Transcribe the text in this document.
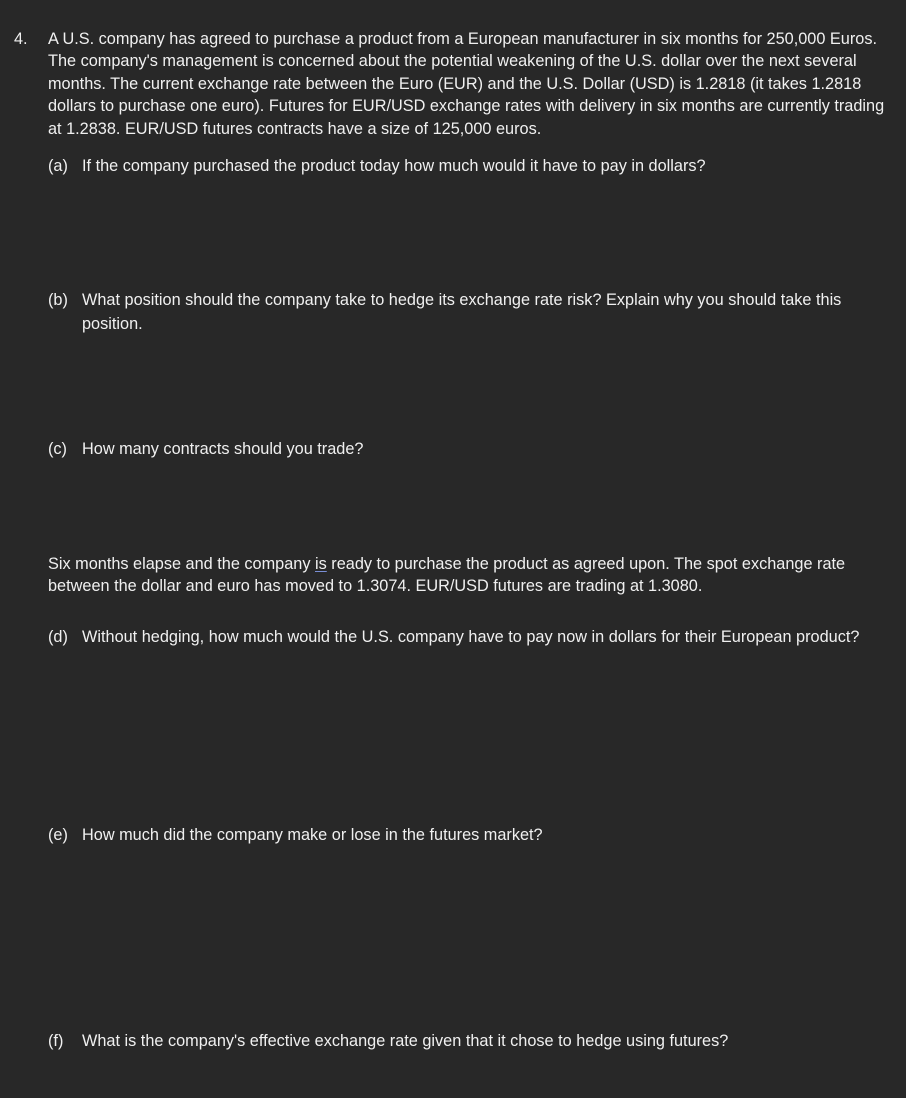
4. A U.S. company has agreed to purchase a product from a European manufacturer in six months for 250,000 Euros. The company's management is concerned about the potential weakening of the U.S. dollar over the next several months. The current exchange rate between the Euro (EUR) and the U.S. Dollar (USD) is 1.2818 (it takes 1.2818 dollars to purchase one euro). Futures for EUR/USD exchange rates with delivery in six months are currently trading at 1.2838. EUR/USD futures contracts have a size of 125,000 euros.
(a) If the company purchased the product today how much would it have to pay in dollars?
(b) What position should the company take to hedge its exchange rate risk? Explain why you should take this position.
(c) How many contracts should you trade?
Six months elapse and the company is ready to purchase the product as agreed upon. The spot exchange rate between the dollar and euro has moved to 1.3074. EUR/USD futures are trading at 1.3080.
(d) Without hedging, how much would the U.S. company have to pay now in dollars for their European product?
(e) How much did the company make or lose in the futures market?
(f)	What is the company's effective exchange rate given that it chose to hedge using futures?
